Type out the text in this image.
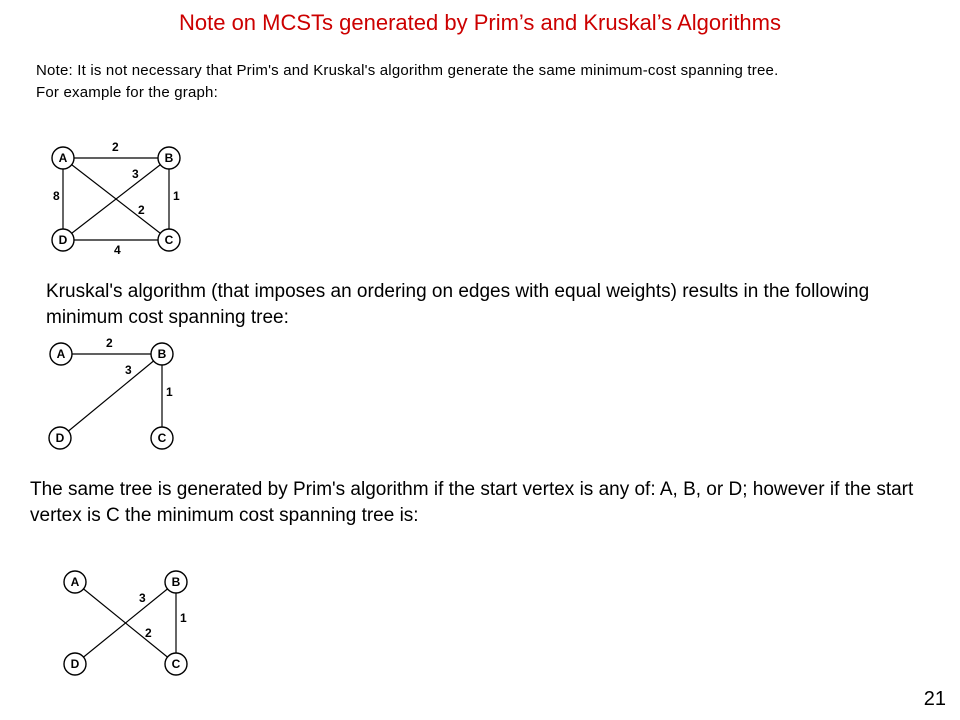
Note on MCSTs generated by Prim’s and Kruskal’s Algorithms

Note: It is not necessary that Prim's and Kruskal's algorithm generate the same minimum-cost spanning tree.

For example for the graph:

2
2
3
1
8
4
A	B
C
D
Kruskal's algorithm (that imposes an ordering on edges with equal weights) results in the following minimum cost spanning tree:
2
3
1
A	B
C
D
The same tree is generated by Prim's algorithm if the start vertex is any of: A, B, or D; however if the start vertex is C the minimum cost spanning tree is:
3
2
1
A	B
C
D
21
